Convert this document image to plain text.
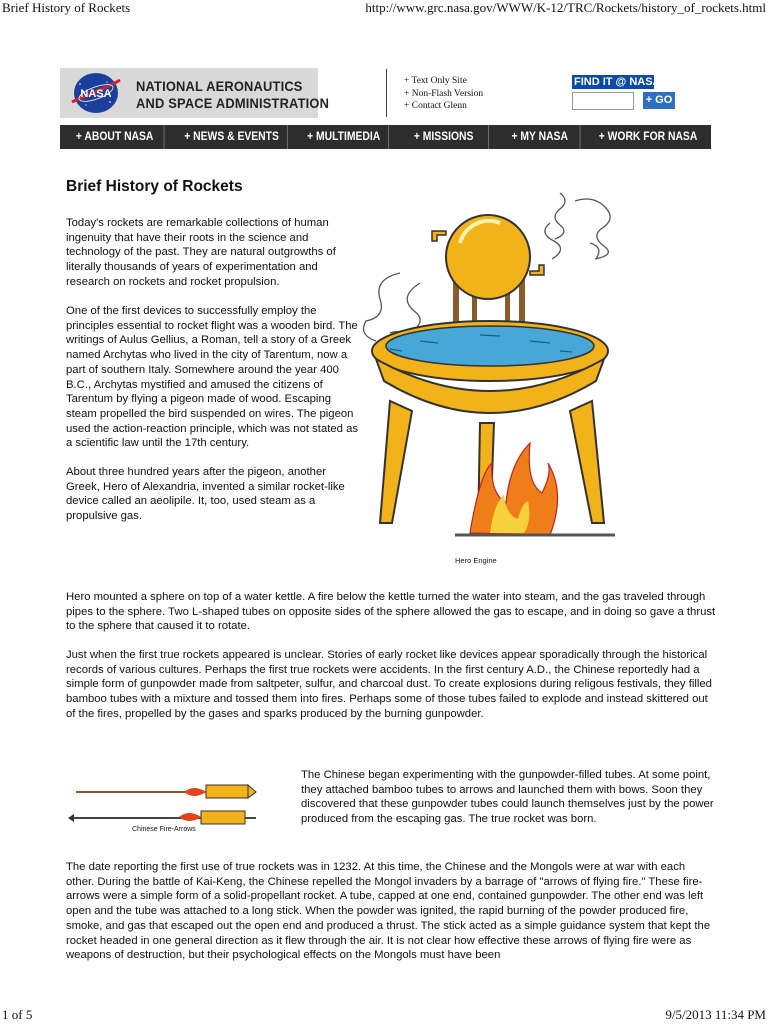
Brief History of Rockets	http://www.grc.nasa.gov/WWW/K-12/TRC/Rockets/history_of_rockets.html
NASA NATIONAL AERONAUTICS
AND SPACE ADMINISTRATION
+ Text Only Site
+ Non-Flash Version
+ Contact Glenn
FIND IT @ NASA :
+ GO
+ ABOUT NASA	+ NEWS & EVENTS	+ MULTIMEDIA	+ MISSIONS	+ MY NASA	+ WORK FOR NASA
Brief History of Rockets

Today's rockets are remarkable collections of human ingenuity that have their roots in the science and technology of the past. They are natural outgrowths of literally thousands of years of experimentation and research on rockets and rocket propulsion.

One of the first devices to successfully employ the principles essential to rocket flight was a wooden bird. The writings of Aulus Gellius, a Roman, tell a story of a Greek named Archytas who lived in the city of Tarentum, now a part of southern Italy. Somewhere around the year 400 B.C., Archytas mystified and amused the citizens of Tarentum by flying a pigeon made of wood. Escaping steam propelled the bird suspended on wires. The pigeon used the action-reaction principle, which was not stated as a scientific law until the 17th century.

About three hundred years after the pigeon, another Greek, Hero of Alexandria, invented a similar rocket-like device called an aeolipile. It, too, used steam as a propulsive gas.

Hero Engine

Hero mounted a sphere on top of a water kettle. A fire below the kettle turned the water into steam, and the gas traveled through pipes to the sphere. Two L-shaped tubes on opposite sides of the sphere allowed the gas to escape, and in doing so gave a thrust to the sphere that caused it to rotate.

Just when the first true rockets appeared is unclear. Stories of early rocket like devices appear sporadically through the historical records of various cultures. Perhaps the first true rockets were accidents. In the first century A.D., the Chinese reportedly had a simple form of gunpowder made from saltpeter, sulfur, and charcoal dust. To create explosions during religous festivals, they filled bamboo tubes with a mixture and tossed them into fires. Perhaps some of those tubes failed to explode and instead skittered out of the fires, propelled by the gases and sparks produced by the burning gunpowder.

Chinese Fire-Arrows

The Chinese began experimenting with the gunpowder-filled tubes. At some point, they attached bamboo tubes to arrows and launched them with bows. Soon they discovered that these gunpowder tubes could launch themselves just by the power produced from the escaping gas. The true rocket was born.

The date reporting the first use of true rockets was in 1232. At this time, the Chinese and the Mongols were at war with each other. During the battle of Kai-Keng, the Chinese repelled the Mongol invaders by a barrage of "arrows of flying fire." These fire-arrows were a simple form of a solid-propellant rocket. A tube, capped at one end, contained gunpowder. The other end was left open and the tube was attached to a long stick. When the powder was ignited, the rapid burning of the powder produced fire, smoke, and gas that escaped out the open end and produced a thrust. The stick acted as a simple guidance system that kept the rocket headed in one general direction as it flew through the air. It is not clear how effective these arrows of flying fire were as weapons of destruction, but their psychological effects on the Mongols must have been

1 of 5	9/5/2013 11:34 PM
